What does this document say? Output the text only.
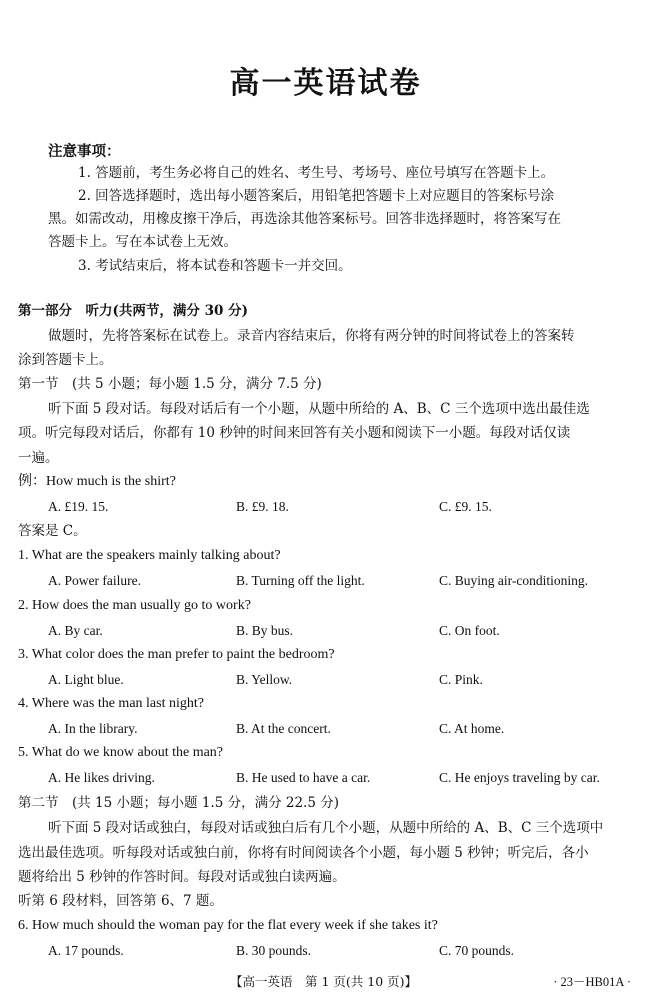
高一英语试卷
注意事项：
1. 答题前，考生务必将自己的姓名、考生号、考场号、座位号填写在答题卡上。
2. 回答选择题时，选出每小题答案后，用铅笔把答题卡上对应题目的答案标号涂
黑。如需改动，用橡皮擦干净后，再选涂其他答案标号。回答非选择题时，将答案写在
答题卡上。写在本试卷上无效。
3. 考试结束后，将本试卷和答题卡一并交回。
第一部分　听力(共两节，满分 30 分)
做题时，先将答案标在试卷上。录音内容结束后，你将有两分钟的时间将试卷上的答案转
涂到答题卡上。
第一节　(共 5 小题；每小题 1.5 分，满分 7.5 分)
听下面 5 段对话。每段对话后有一个小题，从题中所给的 A、B、C 三个选项中选出最佳选
项。听完每段对话后，你都有 10 秒钟的时间来回答有关小题和阅读下一小题。每段对话仅读
一遍。
例：How much is the shirt?
A. £19. 15.	B. £9. 18.	C. £9. 15.
答案是 C。
1. What are the speakers mainly talking about?
A. Power failure.	B. Turning off the light.	C. Buying air-conditioning.
2. How does the man usually go to work?
A. By car.	B. By bus.	C. On foot.
3. What color does the man prefer to paint the bedroom?
A. Light blue.	B. Yellow.	C. Pink.
4. Where was the man last night?
A. In the library.	B. At the concert.	C. At home.
5. What do we know about the man?
A. He likes driving.	B. He used to have a car.	C. He enjoys traveling by car.
第二节　(共 15 小题；每小题 1.5 分，满分 22.5 分)
听下面 5 段对话或独白，每段对话或独白后有几个小题，从题中所给的 A、B、C 三个选项中
选出最佳选项。听每段对话或独白前，你将有时间阅读各个小题，每小题 5 秒钟；听完后，各小
题将给出 5 秒钟的作答时间。每段对话或独白读两遍。
听第 6 段材料，回答第 6、7 题。
6. How much should the woman pay for the flat every week if she takes it?
A. 17 pounds.	B. 30 pounds.	C. 70 pounds.
【高一英语　第 1 页(共 10 页)】	· 23－HB01A ·
